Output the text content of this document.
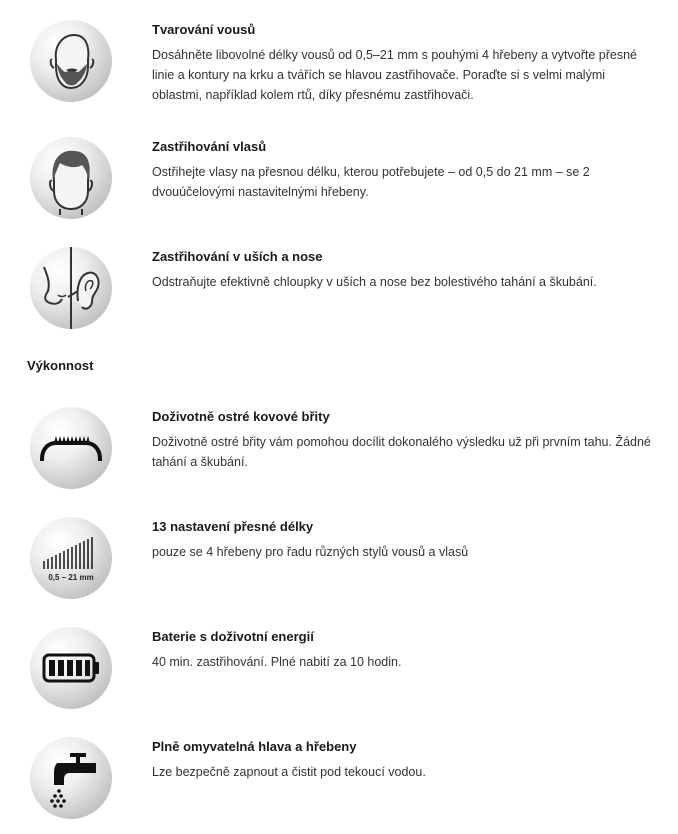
Tvarování vousů
Dosáhněte libovolné délky vousů od 0,5–21 mm s pouhými 4 hřebeny a vytvořte přesné linie a kontury na krku a tvářích se hlavou zastřihovače. Poraďte si s velmi malými oblastmi, například kolem rtů, díky přesnému zastřihovači.
Zastřihování vlasů
Ostřihejte vlasy na přesnou délku, kterou potřebujete – od 0,5 do 21 mm – se 2 dvouúčelovými nastavitelnými hřebeny.
Zastřihování v uších a nose
Odstraňujte efektivně chloupky v uších a nose bez bolestivého tahání a škubání.
Výkonnost
Doživotně ostré kovové břity
Doživotně ostré břity vám pomohou docílit dokonalého výsledku už při prvním tahu. Žádné tahání a škubání.
0,5 – 21 mm
13 nastavení přesné délky
pouze se 4 hřebeny pro řadu různých stylů vousů a vlasů
Baterie s doživotní energií
40 min. zastřihování. Plné nabití za 10 hodin.
Plně omyvatelná hlava a hřebeny
Lze bezpečně zapnout a čistit pod tekoucí vodou.
